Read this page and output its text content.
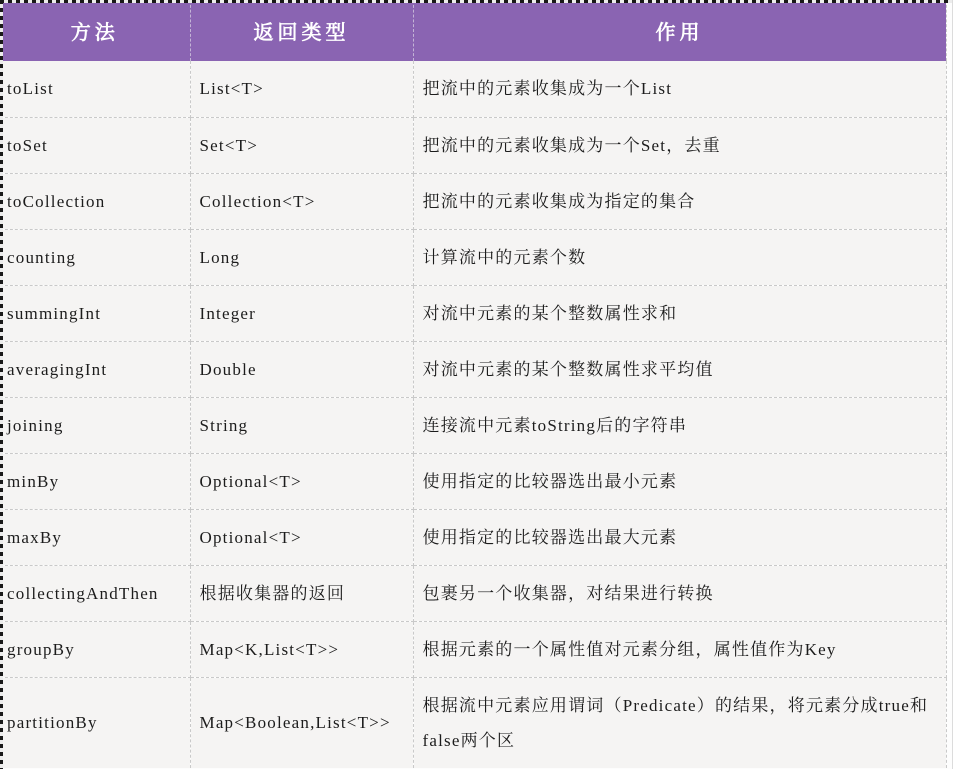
方法	返回类型	作用
toList	List<T>	把流中的元素收集成为一个List
toSet	Set<T>	把流中的元素收集成为一个Set，去重
toCollection	Collection<T>	把流中的元素收集成为指定的集合
counting	Long	计算流中的元素个数
summingInt	Integer	对流中元素的某个整数属性求和
averagingInt	Double	对流中元素的某个整数属性求平均值
joining	String	连接流中元素toString后的字符串
minBy	Optional<T>	使用指定的比较器选出最小元素
maxBy	Optional<T>	使用指定的比较器选出最大元素
collectingAndThen	根据收集器的返回	包裹另一个收集器，对结果进行转换
groupBy	Map<K,List<T>>	根据元素的一个属性值对元素分组，属性值作为Key
partitionBy	Map<Boolean,List<T>>	根据流中元素应用谓词（Predicate）的结果，将元素分成true和false两个区
